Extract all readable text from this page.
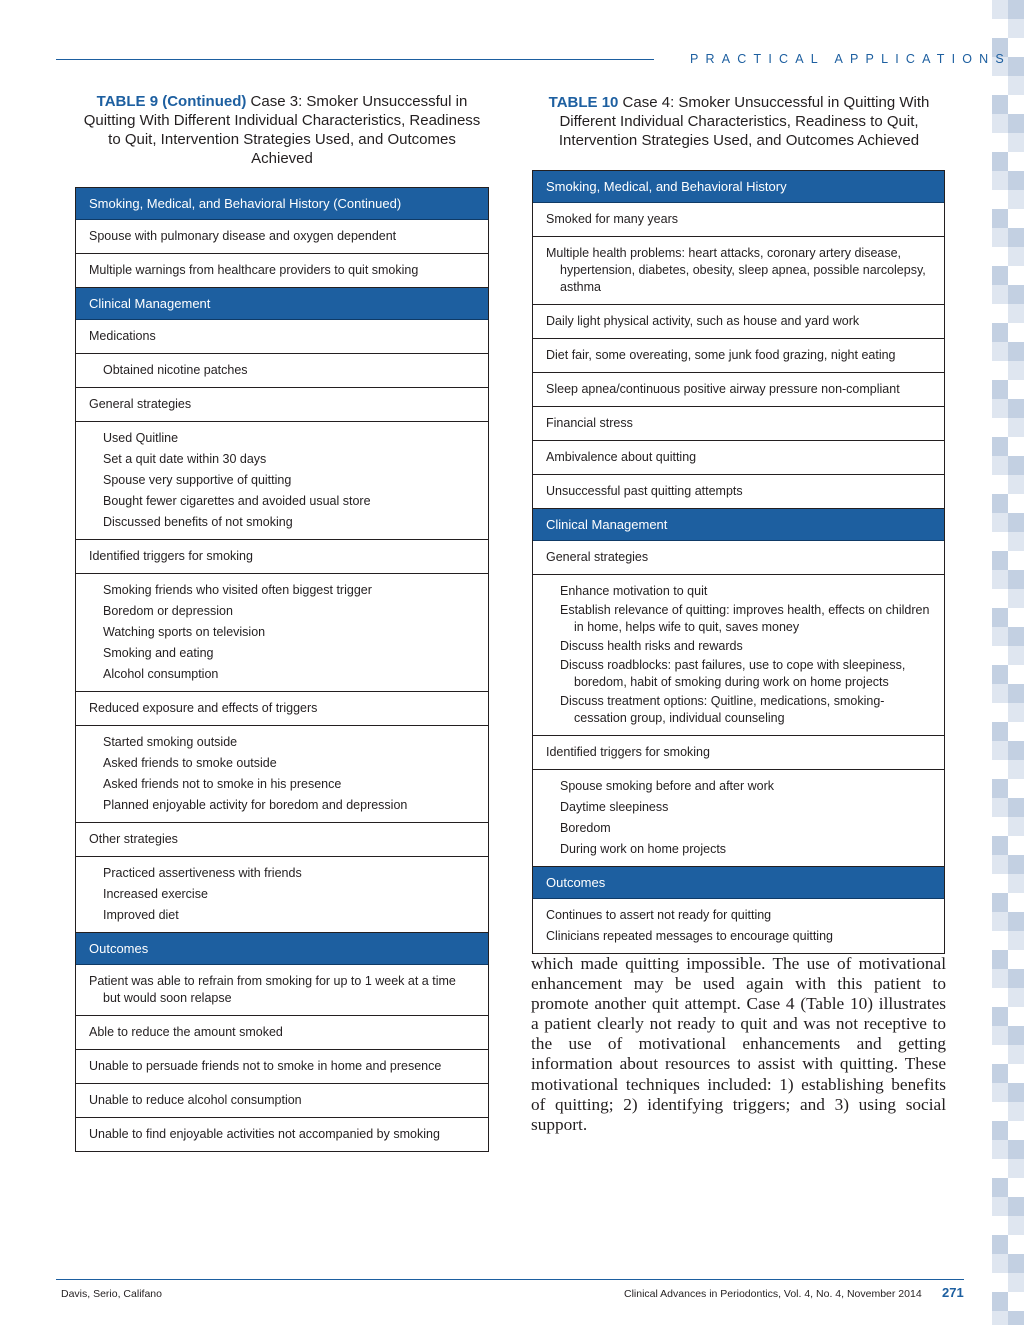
PRACTICAL APPLICATIONS
TABLE 9 (Continued) Case 3: Smoker Unsuccessful in Quitting With Different Individual Characteristics, Readiness to Quit, Intervention Strategies Used, and Outcomes Achieved
Smoking, Medical, and Behavioral History (Continued)
Spouse with pulmonary disease and oxygen dependent
Multiple warnings from healthcare providers to quit smoking
Clinical Management
Medications
Obtained nicotine patches
General strategies
Used Quitline
Set a quit date within 30 days
Spouse very supportive of quitting
Bought fewer cigarettes and avoided usual store
Discussed benefits of not smoking
Identified triggers for smoking
Smoking friends who visited often biggest trigger
Boredom or depression
Watching sports on television
Smoking and eating
Alcohol consumption
Reduced exposure and effects of triggers
Started smoking outside
Asked friends to smoke outside
Asked friends not to smoke in his presence
Planned enjoyable activity for boredom and depression
Other strategies
Practiced assertiveness with friends
Increased exercise
Improved diet
Outcomes
Patient was able to refrain from smoking for up to 1 week at a time but would soon relapse
Able to reduce the amount smoked
Unable to persuade friends not to smoke in home and presence
Unable to reduce alcohol consumption
Unable to find enjoyable activities not accompanied by smoking
TABLE 10 Case 4: Smoker Unsuccessful in Quitting With Different Individual Characteristics, Readiness to Quit, Intervention Strategies Used, and Outcomes Achieved
Smoking, Medical, and Behavioral History
Smoked for many years
Multiple health problems: heart attacks, coronary artery disease, hypertension, diabetes, obesity, sleep apnea, possible narcolepsy, asthma
Daily light physical activity, such as house and yard work
Diet fair, some overeating, some junk food grazing, night eating
Sleep apnea/continuous positive airway pressure non-compliant
Financial stress
Ambivalence about quitting
Unsuccessful past quitting attempts
Clinical Management
General strategies
Enhance motivation to quit
Establish relevance of quitting: improves health, effects on children in home, helps wife to quit, saves money
Discuss health risks and rewards
Discuss roadblocks: past failures, use to cope with sleepiness, boredom, habit of smoking during work on home projects
Discuss treatment options: Quitline, medications, smoking-cessation group, individual counseling
Identified triggers for smoking
Spouse smoking before and after work
Daytime sleepiness
Boredom
During work on home projects
Outcomes
Continues to assert not ready for quitting
Clinicians repeated messages to encourage quitting

which made quitting impossible. The use of motivational enhancement may be used again with this patient to promote another quit attempt. Case 4 (Table 10) illustrates a patient clearly not ready to quit and was not receptive to the use of motivational enhancements and getting information about resources to assist with quitting. These motivational techniques included: 1) establishing benefits of quitting; 2) identifying triggers; and 3) using social support.

Davis, Serio, Califano	Clinical Advances in Periodontics, Vol. 4, No. 4, November 2014 271
